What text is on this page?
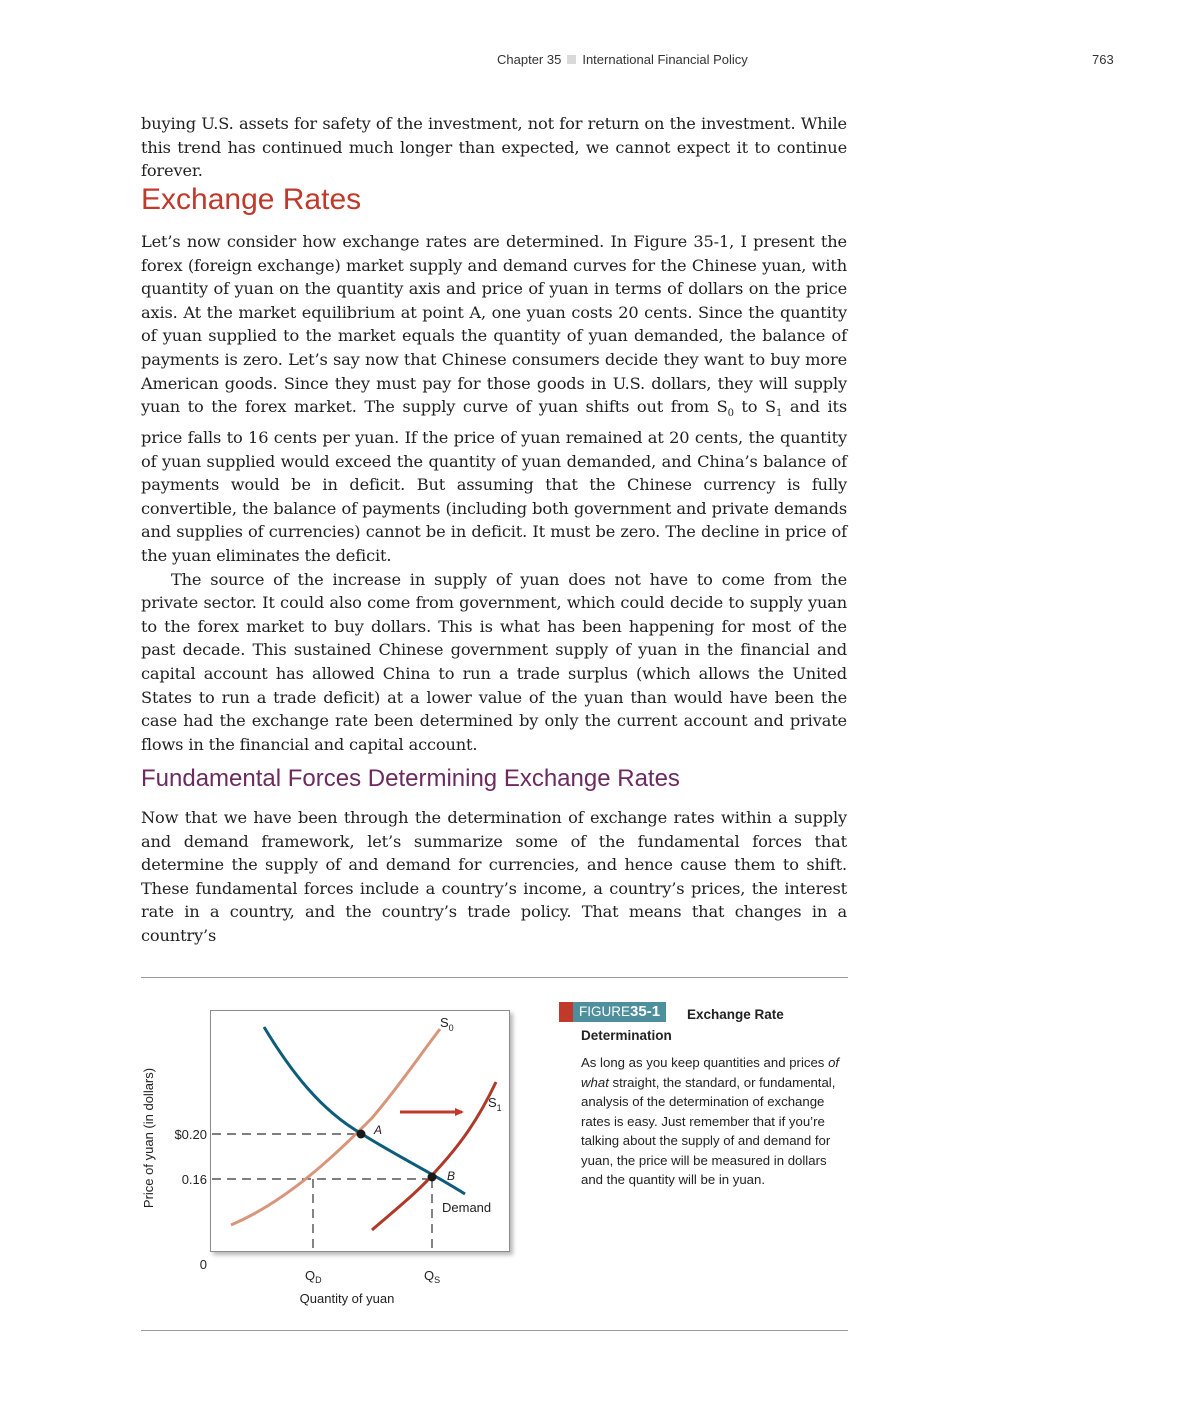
Chapter 35 International Financial Policy	763

buying U.S. assets for safety of the investment, not for return on the investment. While this trend has continued much longer than expected, we cannot expect it to continue forever.

Exchange Rates

Let’s now consider how exchange rates are determined. In Figure 35-1, I present the forex (foreign exchange) market supply and demand curves for the Chinese yuan, with quantity of yuan on the quantity axis and price of yuan in terms of dollars on the price axis. At the market equilibrium at point A, one yuan costs 20 cents. Since the quantity of yuan supplied to the market equals the quantity of yuan demanded, the balance of payments is zero. Let’s say now that Chinese consumers decide they want to buy more American goods. Since they must pay for those goods in U.S. dollars, they will supply yuan to the forex market. The supply curve of yuan shifts out from $S_0$ to $S_1$ and its price falls to 16 cents per yuan. If the price of yuan remained at 20 cents, the quantity of yuan supplied would exceed the quantity of yuan demanded, and China’s balance of payments would be in deficit. But assuming that the Chinese currency is fully convertible, the balance of payments (including both government and private demands and supplies of currencies) cannot be in deficit. It must be zero. The decline in price of the yuan eliminates the deficit.

The source of the increase in supply of yuan does not have to come from the private sector. It could also come from government, which could decide to supply yuan to the forex market to buy dollars. This is what has been happening for most of the past decade. This sustained Chinese government supply of yuan in the financial and capital account has allowed China to run a trade surplus (which allows the United States to run a trade deficit) at a lower value of the yuan than would have been the case had the exchange rate been determined by only the current account and private flows in the financial and capital account.

Fundamental Forces Determining Exchange Rates

Now that we have been through the determination of exchange rates within a supply and demand framework, let’s summarize some of the fundamental forces that determine the supply of and demand for currencies, and hence cause them to shift. These fundamental forces include a country’s income, a country’s prices, the interest rate in a country, and the country’s trade policy. That means that changes in a country’s

A
B
$S_0$
$S_1$
Demand
$0.20
0.16
0
$Q_D$	$Q_S$
Quantity of yuan
Price of yuan (in dollars)
FIGURE35-1	Exchange Rate Determination
As long as you keep quantities and prices of what straight, the standard, or fundamental, analysis of the determination of exchange rates is easy. Just remember that if you’re talking about the supply of and demand for yuan, the price will be measured in dollars and the quantity will be in yuan.
